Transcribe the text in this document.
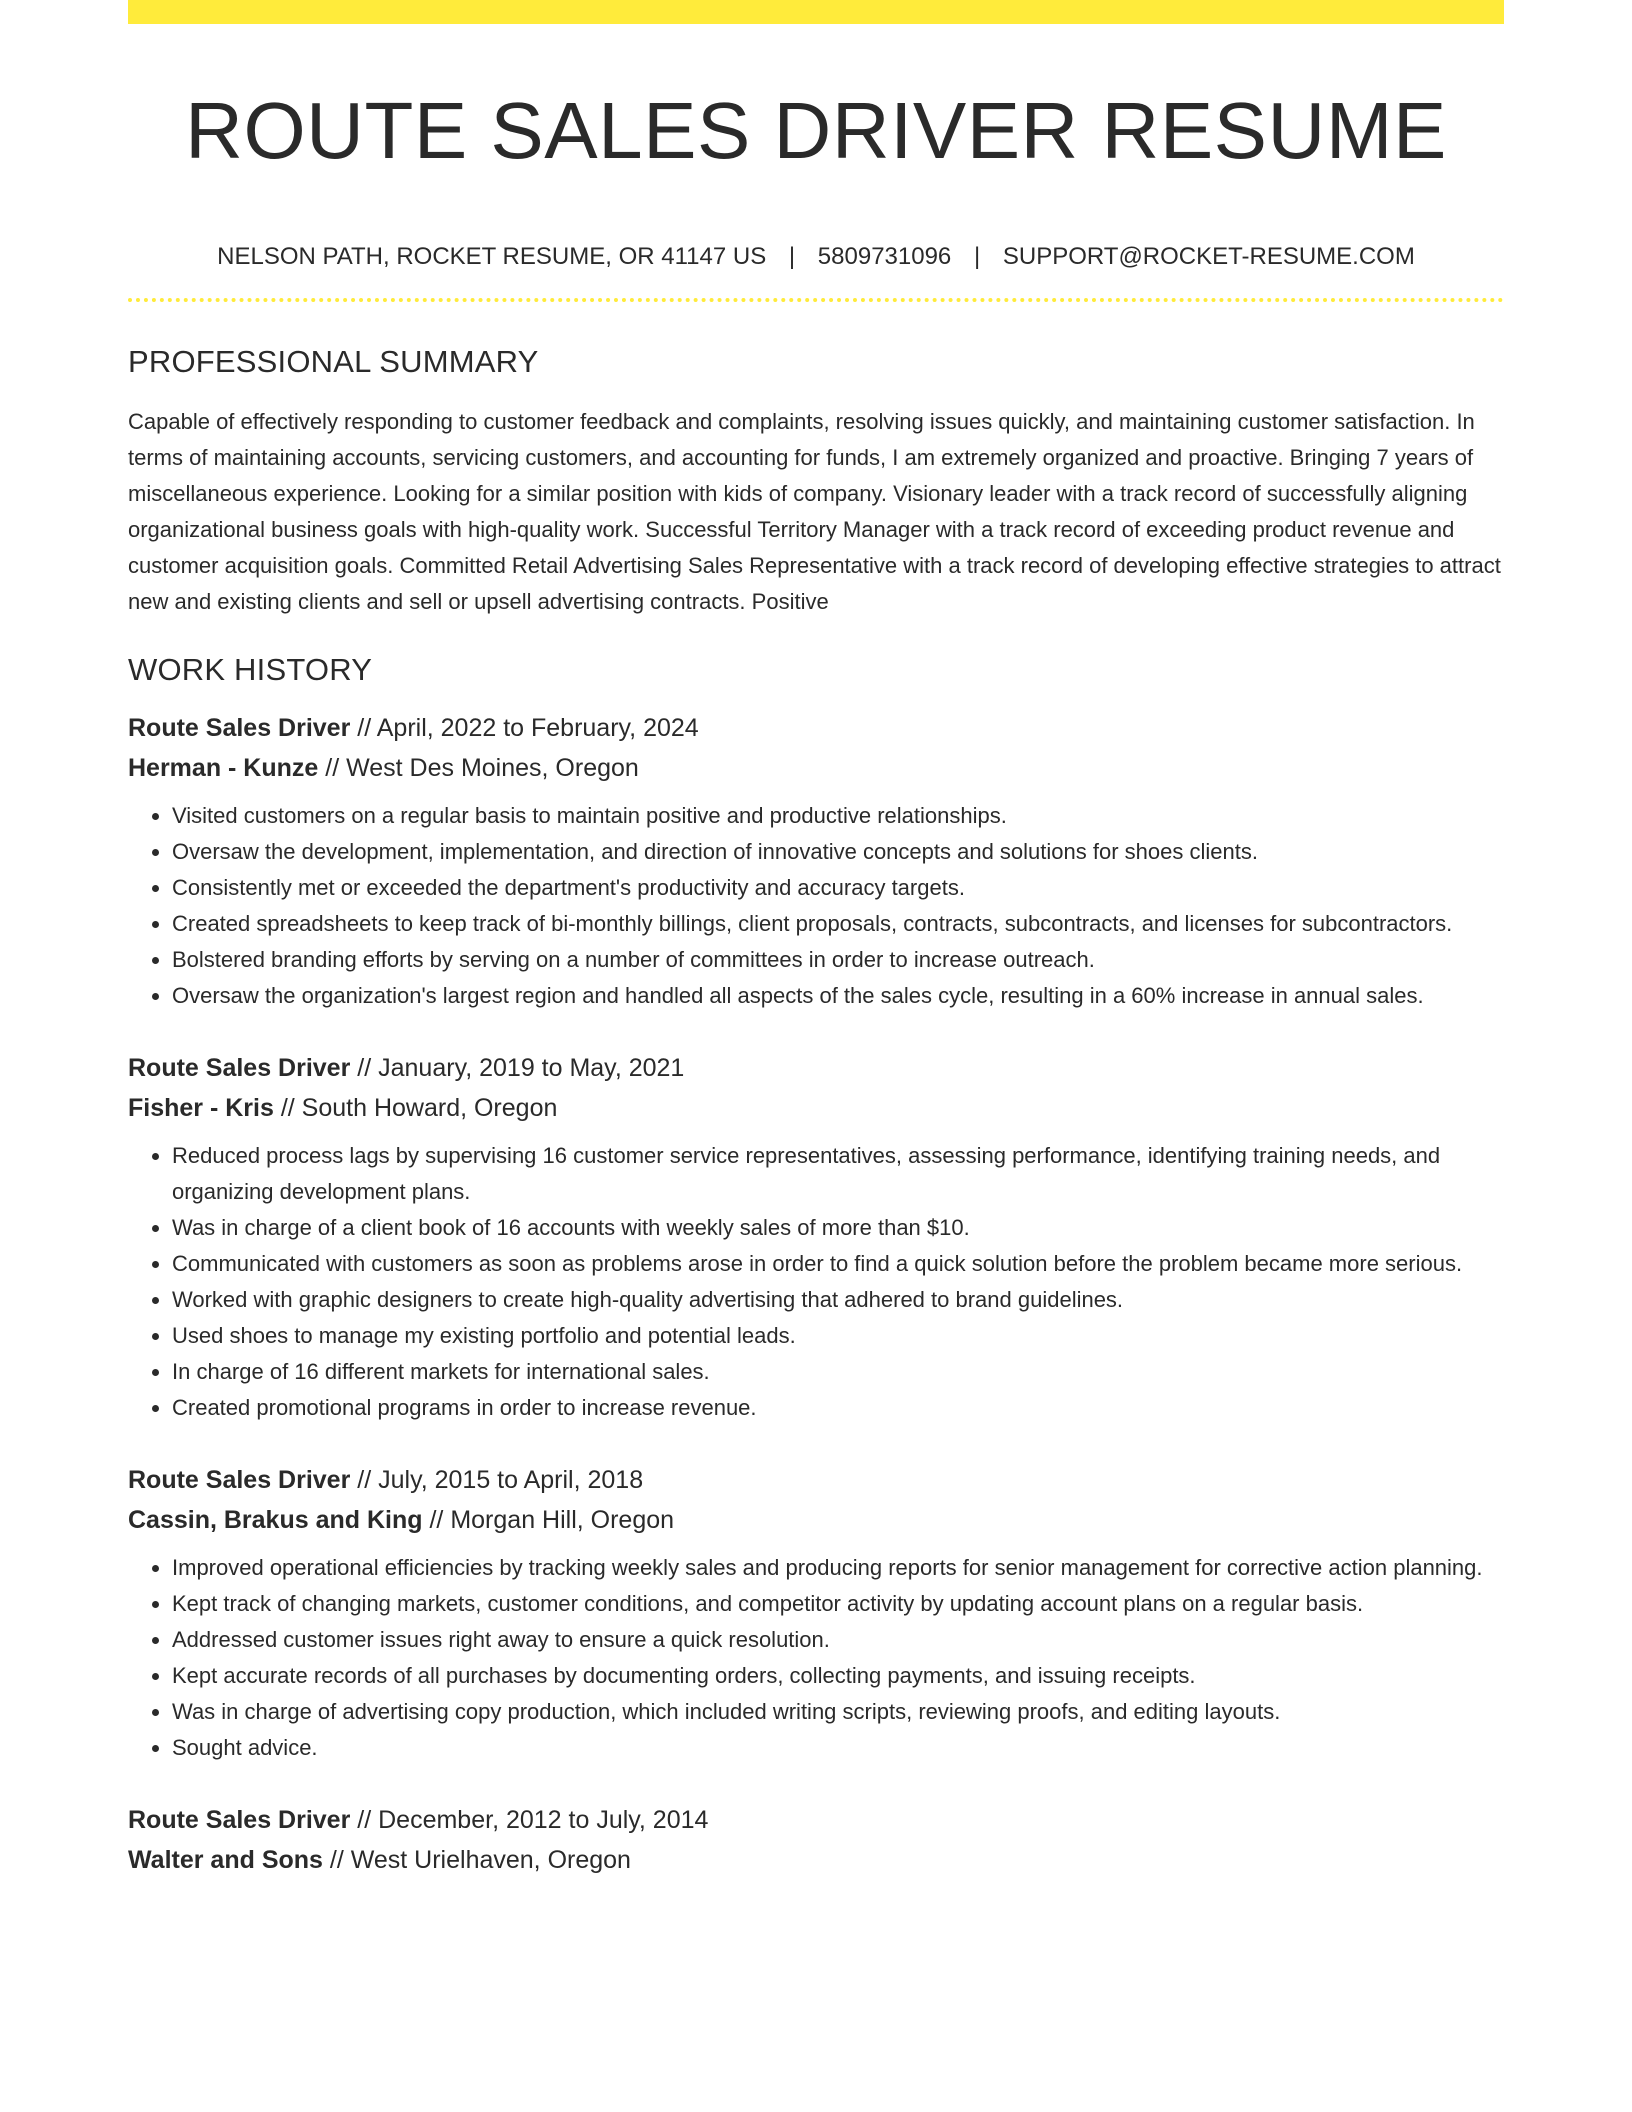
ROUTE SALES DRIVER RESUME
NELSON PATH, ROCKET RESUME, OR 41147 US | 5809731096 | SUPPORT@ROCKET-RESUME.COM
PROFESSIONAL SUMMARY

Capable of effectively responding to customer feedback and complaints, resolving issues quickly, and maintaining customer satisfaction. In terms of maintaining accounts, servicing customers, and accounting for funds, I am extremely organized and proactive. Bringing 7 years of miscellaneous experience. Looking for a similar position with kids of company. Visionary leader with a track record of successfully aligning organizational business goals with high-quality work. Successful Territory Manager with a track record of exceeding product revenue and customer acquisition goals. Committed Retail Advertising Sales Representative with a track record of developing effective strategies to attract new and existing clients and sell or upsell advertising contracts. Positive

WORK HISTORY
Route Sales Driver // April, 2022 to February, 2024
Herman - Kunze // West Des Moines, Oregon
• Visited customers on a regular basis to maintain positive and productive relationships.
• Oversaw the development, implementation, and direction of innovative concepts and solutions for shoes clients.
• Consistently met or exceeded the department's productivity and accuracy targets.
• Created spreadsheets to keep track of bi-monthly billings, client proposals, contracts, subcontracts, and licenses for subcontractors.
• Bolstered branding efforts by serving on a number of committees in order to increase outreach.
• Oversaw the organization's largest region and handled all aspects of the sales cycle, resulting in a 60% increase in annual sales.
Route Sales Driver // January, 2019 to May, 2021
Fisher - Kris // South Howard, Oregon
• Reduced process lags by supervising 16 customer service representatives, assessing performance, identifying training needs, and organizing development plans.
• Was in charge of a client book of 16 accounts with weekly sales of more than $10.
• Communicated with customers as soon as problems arose in order to find a quick solution before the problem became more serious.
• Worked with graphic designers to create high-quality advertising that adhered to brand guidelines.
• Used shoes to manage my existing portfolio and potential leads.
• In charge of 16 different markets for international sales.
• Created promotional programs in order to increase revenue.
Route Sales Driver // July, 2015 to April, 2018
Cassin, Brakus and King // Morgan Hill, Oregon
• Improved operational efficiencies by tracking weekly sales and producing reports for senior management for corrective action planning.
• Kept track of changing markets, customer conditions, and competitor activity by updating account plans on a regular basis.
• Addressed customer issues right away to ensure a quick resolution.
• Kept accurate records of all purchases by documenting orders, collecting payments, and issuing receipts.
• Was in charge of advertising copy production, which included writing scripts, reviewing proofs, and editing layouts.
• Sought advice.
Route Sales Driver // December, 2012 to July, 2014
Walter and Sons // West Urielhaven, Oregon
